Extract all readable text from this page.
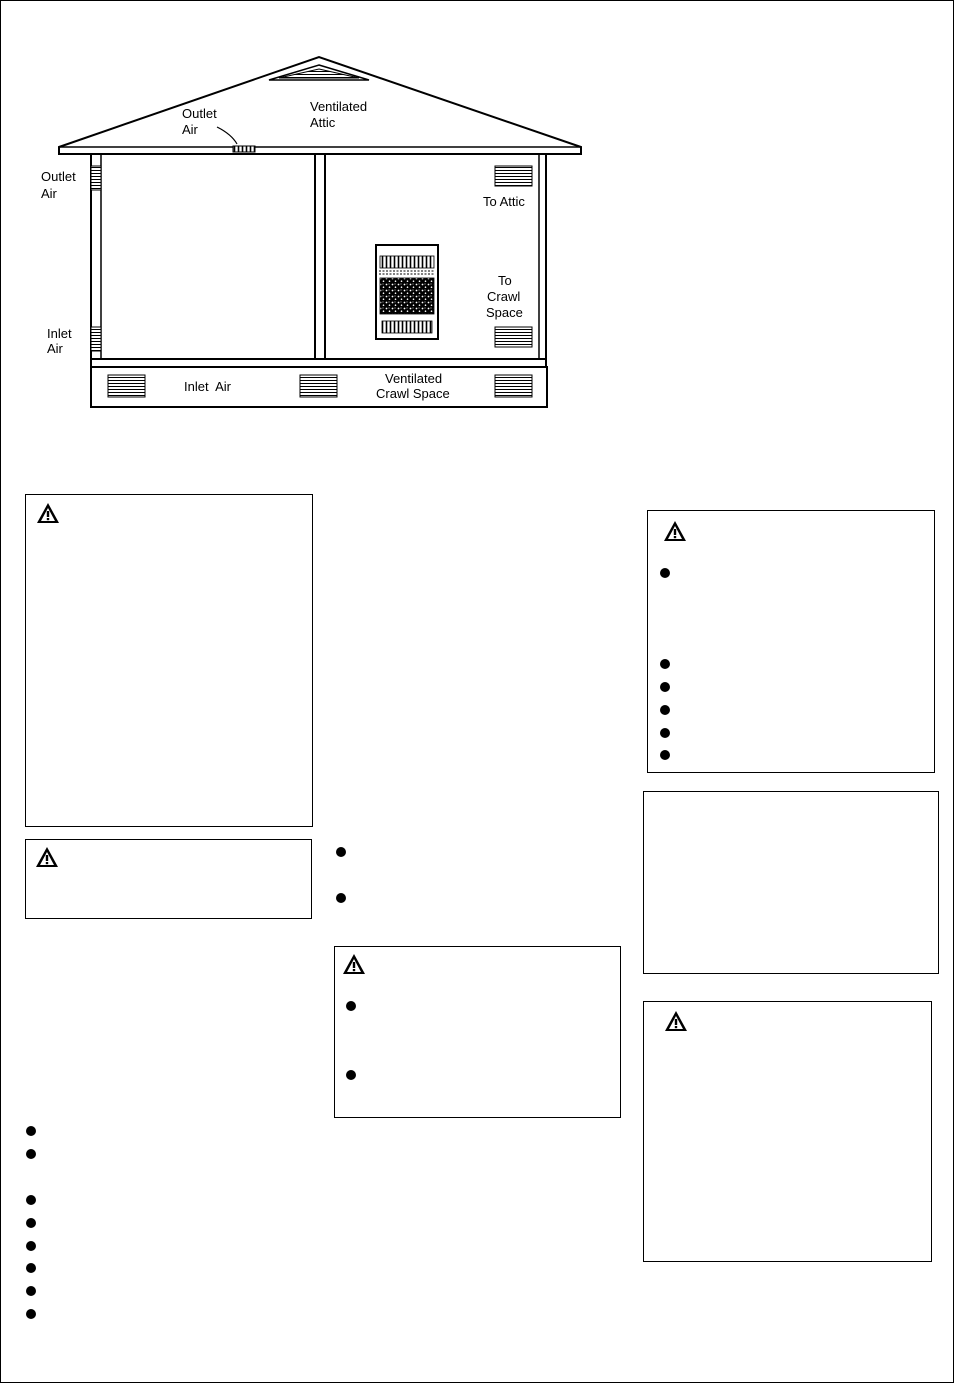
Outlet
Air
Ventilated
Attic
Outlet
Air
To Attic
To
Crawl
Space
Inlet
Air
Inlet  Air
Ventilated
Crawl Space
